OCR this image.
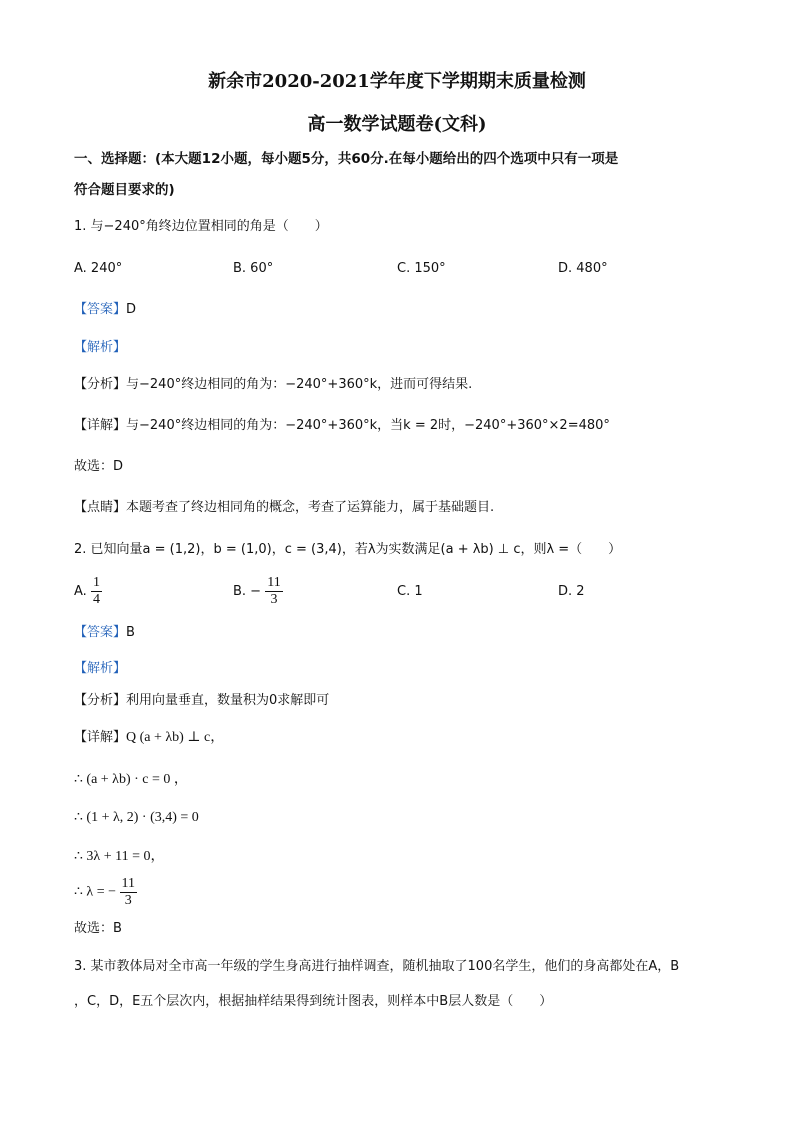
新余市2020-2021学年度下学期期末质量检测
高一数学试题卷(文科)
一、选择题：(本大题12小题，每小题5分，共60分.在每小题给出的四个选项中只有一项是
符合题目要求的)
1. 与−240°角终边位置相同的角是（　　）
A. 240°	B. 60°	C. 150°	D. 480°
【答案】D
【解析】
【分析】与−240°终边相同的角为：−240°+360°k，进而可得结果.
【详解】与−240°终边相同的角为：−240°+360°k，当k = 2时，−240°+360°×2=480°
故选：D
【点睛】本题考查了终边相同角的概念，考查了运算能力，属于基础题目.
2. 已知向量a = (1,2)，b = (1,0)，c = (3,4)，若λ为实数满足(a + λb) ⊥ c，则λ =（　　）
A. $\frac{1}{4}$	B. − $\frac{11}{3}$	C. 1	D. 2
【答案】B
【解析】
【分析】利用向量垂直，数量积为0求解即可
【详解】Q (a + λb) ⊥ c，
∴ (a + λb) · c = 0 ，
∴ (1 + λ, 2) · (3,4) = 0
∴ 3λ + 11 = 0，
∴ λ = − $\frac{11}{3}$
故选：B
3. 某市教体局对全市高一年级的学生身高进行抽样调查，随机抽取了100名学生，他们的身高都处在A，B
，C，D，E五个层次内，根据抽样结果得到统计图表，则样本中B层人数是（　　）
